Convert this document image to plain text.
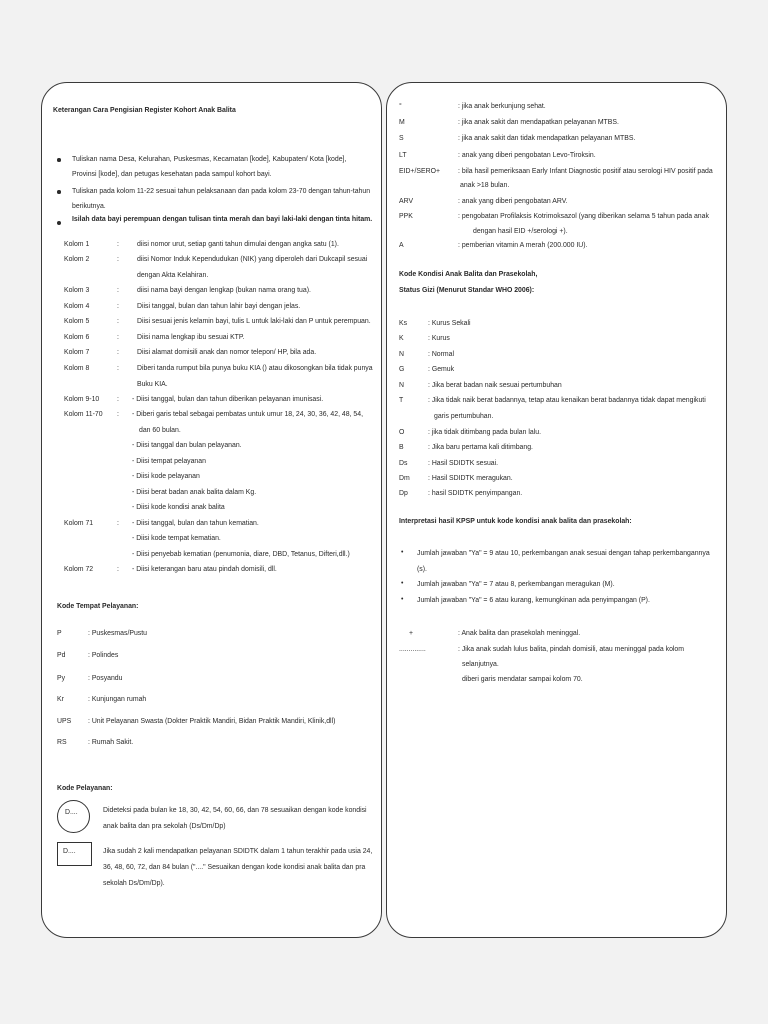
Keterangan Cara Pengisian Register Kohort Anak Balita
Tuliskan nama Desa, Kelurahan, Puskesmas, Kecamatan [kode], Kabupaten/ Kota [kode], Provinsi [kode], dan petugas kesehatan pada sampul kohort bayi.
Tuliskan pada kolom 11-22 sesuai tahun pelaksanaan dan pada kolom 23-70 dengan tahun-tahun berikutnya.
Isilah data bayi perempuan dengan tulisan tinta merah dan bayi laki-laki dengan tinta hitam.
Kolom 1	:	diisi nomor urut, setiap ganti tahun dimulai dengan angka satu (1).
Kolom 2	:	diisi Nomor Induk Kependudukan (NIK) yang diperoleh dari Dukcapil sesuai
dengan Akta Kelahiran.
Kolom 3	:	diisi nama bayi dengan lengkap (bukan nama orang tua).
Kolom 4	:	Diisi tanggal, bulan dan tahun lahir bayi dengan jelas.
Kolom 5	:	Diisi sesuai jenis kelamin bayi, tulis L untuk laki-laki dan P untuk perempuan.
Kolom 6	:	Diisi nama lengkap ibu sesuai KTP.
Kolom 7	:	Diisi alamat domisili anak dan nomor telepon/ HP, bila ada.
Kolom 8	:	Diberi tanda rumput bila punya buku KIA () atau dikosongkan bila tidak punya
Buku KIA.
Kolom 9-10	: - Diisi tanggal, bulan dan tahun diberikan pelayanan imunisasi.
Kolom 11-70 : - Diberi garis tebal sebagai pembatas untuk umur 18, 24, 30, 36, 42, 48, 54,
dan 60 bulan.
- Diisi tanggal dan bulan pelayanan.
- Diisi tempat pelayanan
- Diisi kode pelayanan
- Diisi berat badan anak balita dalam Kg.
- Diisi kode kondisi anak balita
Kolom 71	: - Diisi tanggal, bulan dan tahun kematian.
- Diisi kode tempat kematian.
- Diisi penyebab kematian (penumonia, diare, DBD, Tetanus, Difteri,dll.)
Kolom 72	: - Diisi keterangan baru atau pindah domisili, dll.
Kode Tempat Pelayanan:
P	: Puskesmas/Pustu
Pd	: Polindes
Py	: Posyandu
Kr	: Kunjungan rumah
UPS : Unit Pelayanan Swasta (Dokter Praktik Mandiri, Bidan Praktik Mandiri, Klinik,dll)
RS	: Rumah Sakit.
Kode Pelayanan:
D....	Dideteksi pada bulan ke 18, 30, 42, 54, 60, 66, dan 78 sesuaikan dengan kode kondisi
anak balita dan pra sekolah (Ds/Dm/Dp)
D....	Jika sudah 2 kali mendapatkan pelayanan SDIDTK dalam 1 tahun terakhir pada usia 24,
36, 48, 60, 72, dan 84 bulan ("...." Sesuaikan dengan kode kondisi anak balita dan pra
sekolah Ds/Dm/Dp).
°	: jika anak berkunjung sehat.
M	: jika anak sakit dan mendapatkan pelayanan MTBS.
S	: jika anak sakit dan tidak mendapatkan pelayanan MTBS.
LT	: anak yang diberi pengobatan Levo-Tiroksin.
EID+/SERO+	: bila hasil pemeriksaan Early Infant Diagnostic positif atau serologi HIV positif pada
anak >18 bulan.
ARV	: anak yang diberi pengobatan ARV.
PPK	: pengobatan Profilaksis Kotrimoksazol (yang diberikan selama 5 tahun pada anak
dengan hasil EID +/serologi +).
A	: pemberian vitamin A merah (200.000 IU).
Kode Kondisi Anak Balita dan Prasekolah,
Status Gizi (Menurut Standar WHO 2006):
Ks	: Kurus Sekali
K	: Kurus
N	: Normal
G	: Gemuk
N	: Jika berat badan naik sesuai pertumbuhan
T	: Jika tidak naik berat badannya, tetap atau kenaikan berat badannya tidak dapat mengikuti
garis pertumbuhan.
O	: jika tidak ditimbang pada bulan lalu.
B	: Jika baru pertama kali ditimbang.
Ds	: Hasil SDIDTK sesuai.
Dm	: Hasil SDIDTK meragukan.
Dp	: hasil SDIDTK penyimpangan.
Interpretasi hasil KPSP untuk kode kondisi anak balita dan prasekolah:
• Jumlah jawaban "Ya" = 9 atau 10, perkembangan anak sesuai dengan tahap perkembangannya
(s).
• Jumlah jawaban "Ya" = 7 atau 8, perkembangan meragukan (M).
• Jumlah jawaban "Ya" = 6 atau kurang, kemungkinan ada penyimpangan (P).
+	: Anak balita dan prasekolah meninggal.
..............	: Jika anak sudah lulus balita, pindah domisili, atau meninggal pada kolom
selanjutnya.
diberi garis mendatar sampai kolom 70.
